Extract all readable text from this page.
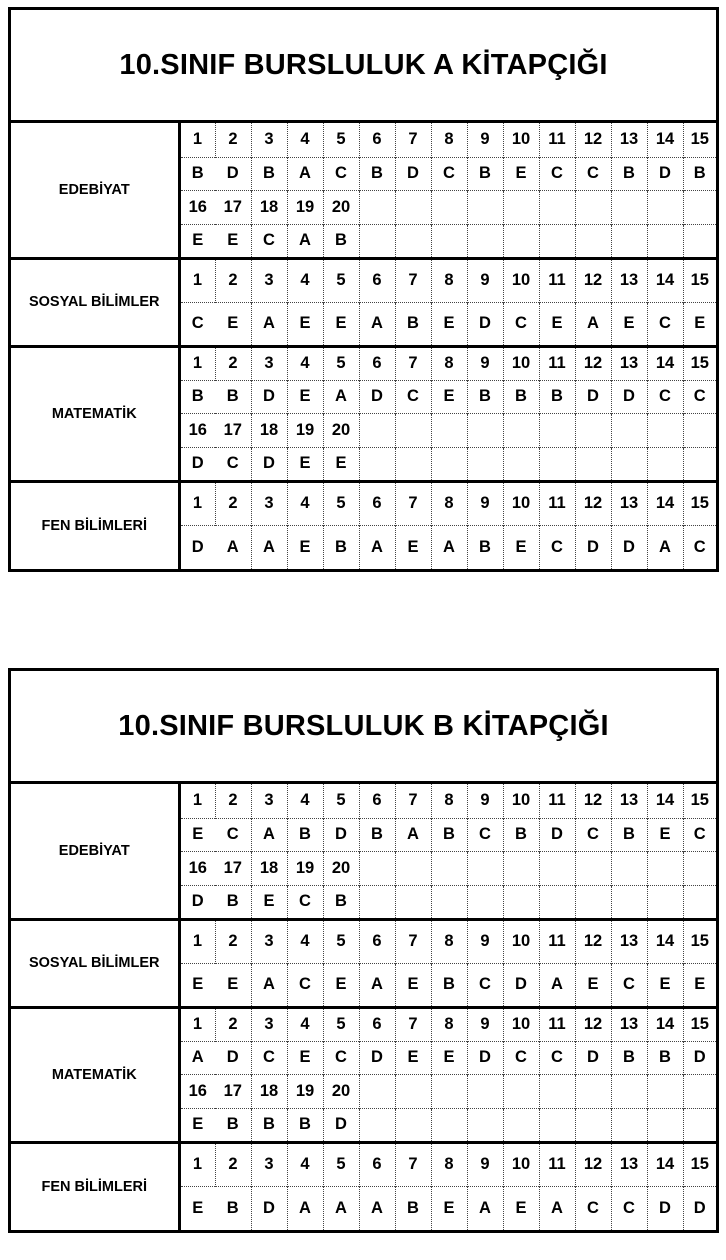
10.SINIF BURSLULUK A KİTAPÇIĞI
EDEBİYAT	1	2	3	4	5	6	7	8	9	10	11	12	13	14	15
	B	D	B	A	C	B	D	C	B	E	C	C	B	D	B
	16	17	18	19	20										
	E	E	C	A	B										
SOSYAL BİLİMLER	1	2	3	4	5	6	7	8	9	10	11	12	13	14	15
	C	E	A	E	E	A	B	E	D	C	E	A	E	C	E
MATEMATİK	1	2	3	4	5	6	7	8	9	10	11	12	13	14	15
	B	B	D	E	A	D	C	E	B	B	B	D	D	C	C
	16	17	18	19	20										
	D	C	D	E	E										
FEN BİLİMLERİ	1	2	3	4	5	6	7	8	9	10	11	12	13	14	15
	D	A	A	E	B	A	E	A	B	E	C	D	D	A	C
10.SINIF BURSLULUK B KİTAPÇIĞI
EDEBİYAT	1	2	3	4	5	6	7	8	9	10	11	12	13	14	15
	E	C	A	B	D	B	A	B	C	B	D	C	B	E	C
	16	17	18	19	20										
	D	B	E	C	B										
SOSYAL BİLİMLER	1	2	3	4	5	6	7	8	9	10	11	12	13	14	15
	E	E	A	C	E	A	E	B	C	D	A	E	C	E	E
MATEMATİK	1	2	3	4	5	6	7	8	9	10	11	12	13	14	15
	A	D	C	E	C	D	E	E	D	C	C	D	B	B	D
	16	17	18	19	20										
	E	B	B	B	D										
FEN BİLİMLERİ	1	2	3	4	5	6	7	8	9	10	11	12	13	14	15
	E	B	D	A	A	A	B	E	A	E	A	C	C	D	D
